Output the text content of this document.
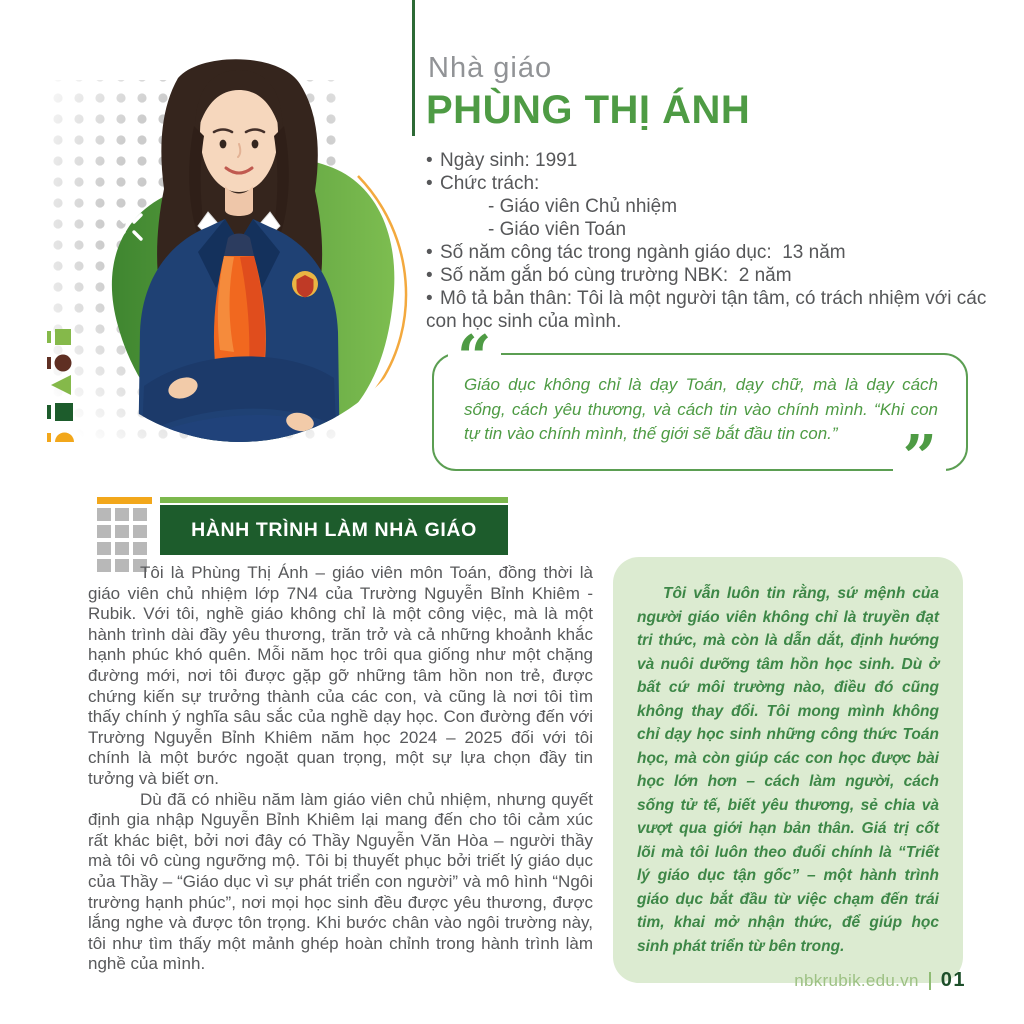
Nhà giáo
PHÙNG THỊ ÁNH
• Ngày sinh: 1991
• Chức trách:
- Giáo viên Chủ nhiệm
- Giáo viên Toán
• Số năm công tác trong ngành giáo dục:  13 năm
• Số năm gắn bó cùng trường NBK:  2 năm
• Mô tả bản thân: Tôi là một người tận tâm, có trách nhiệm với các con học sinh của mình.
“

Giáo dục không chỉ là dạy Toán, dạy chữ, mà là dạy cách sống, cách yêu thương, và cách tin vào chính mình. “Khi con tự tin vào chính mình, thế giới sẽ bắt đầu tin con.”	”
HÀNH TRÌNH LÀM NHÀ GIÁO

Tôi là Phùng Thị Ánh – giáo viên môn Toán, đồng thời là giáo viên chủ nhiệm lớp 7N4 của Trường Nguyễn Bỉnh Khiêm - Rubik. Với tôi, nghề giáo không chỉ là một công việc, mà là một hành trình dài đầy yêu thương, trăn trở và cả những khoảnh khắc hạnh phúc khó quên. Mỗi năm học trôi qua giống như một chặng đường mới, nơi tôi được gặp gỡ những tâm hồn non trẻ, được chứng kiến sự trưởng thành của các con, và cũng là nơi tôi tìm thấy chính ý nghĩa sâu sắc của nghề dạy học. Con đường đến với Trường Nguyễn Bỉnh Khiêm năm học 2024 – 2025 đối với tôi chính là một bước ngoặt quan trọng, một sự lựa chọn đầy tin tưởng và biết ơn.

Dù đã có nhiều năm làm giáo viên chủ nhiệm, nhưng quyết định gia nhập Nguyễn Bỉnh Khiêm lại mang đến cho tôi cảm xúc rất khác biệt, bởi nơi đây có Thầy Nguyễn Văn Hòa – người thầy mà tôi vô cùng ngưỡng mộ. Tôi bị thuyết phục bởi triết lý giáo dục của Thầy – “Giáo dục vì sự phát triển con người” và mô hình “Ngôi trường hạnh phúc”, nơi mọi học sinh đều được yêu thương, được lắng nghe và được tôn trọng. Khi bước chân vào ngôi trường này, tôi như tìm thấy một mảnh ghép hoàn chỉnh trong hành trình làm nghề của mình.

Tôi vẫn luôn tin rằng, sứ mệnh của người giáo viên không chỉ là truyền đạt tri thức, mà còn là dẫn dắt, định hướng và nuôi dưỡng tâm hồn học sinh. Dù ở bất cứ môi trường nào, điều đó cũng không thay đổi. Tôi mong mình không chỉ dạy học sinh những công thức Toán học, mà còn giúp các con học được bài học lớn hơn – cách làm người, cách sống tử tế, biết yêu thương, sẻ chia và vượt qua giới hạn bản thân. Giá trị cốt lõi mà tôi luôn theo đuổi chính là “Triết lý giáo dục tận gốc” – một hành trình giáo dục bắt đầu từ việc chạm đến trái tim, khai mở nhận thức, để giúp học sinh phát triển từ bên trong.

nbkrubik.edu.vn 01
